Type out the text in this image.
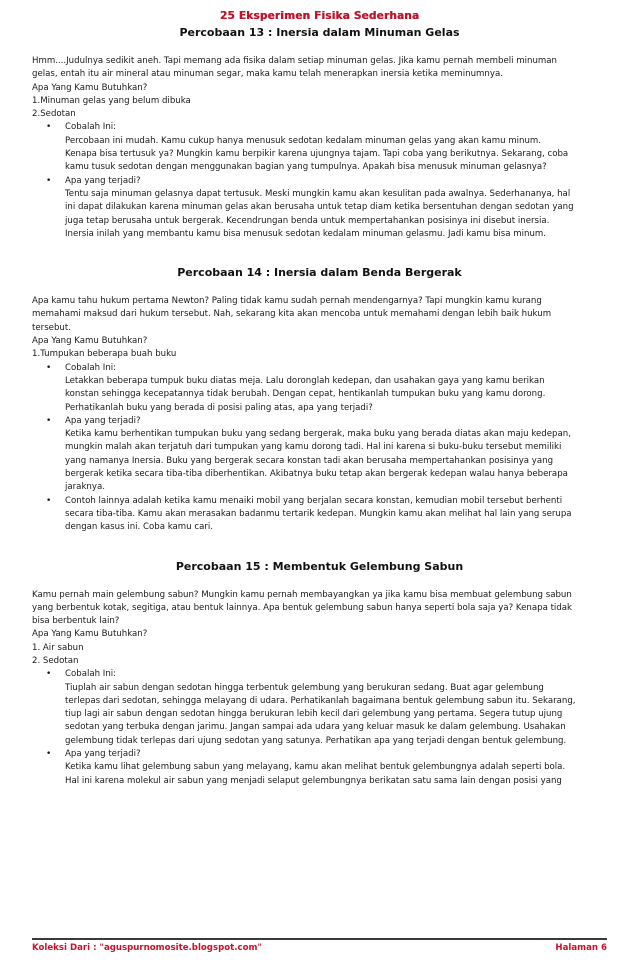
25 Eksperimen Fisika Sederhana
Percobaan 13 : Inersia dalam Minuman Gelas

Hmm....Judulnya sedikit aneh. Tapi memang ada fisika dalam setiap minuman gelas. Jika kamu pernah membeli minuman

gelas, entah itu air mineral atau minuman segar, maka kamu telah menerapkan inersia ketika meminumnya.

Apa Yang Kamu Butuhkan?

1.Minuman gelas yang belum dibuka

2.Sedotan

• Cobalah Ini:
Percobaan ini mudah. Kamu cukup hanya menusuk sedotan kedalam minuman gelas yang akan kamu minum.
Kenapa bisa tertusuk ya? Mungkin kamu berpikir karena ujungnya tajam. Tapi coba yang berikutnya. Sekarang, coba
kamu tusuk sedotan dengan menggunakan bagian yang tumpulnya. Apakah bisa menusuk minuman gelasnya?
• Apa yang terjadi?
Tentu saja minuman gelasnya dapat tertusuk. Meski mungkin kamu akan kesulitan pada awalnya. Sederhananya, hal
ini dapat dilakukan karena minuman gelas akan berusaha untuk tetap diam ketika bersentuhan dengan sedotan yang
juga tetap berusaha untuk bergerak. Kecendrungan benda untuk mempertahankan posisinya ini disebut inersia.
Inersia inilah yang membantu kamu bisa menusuk sedotan kedalam minuman gelasmu. Jadi kamu bisa minum.
Percobaan 14 : Inersia dalam Benda Bergerak

Apa kamu tahu hukum pertama Newton? Paling tidak kamu sudah pernah mendengarnya? Tapi mungkin kamu kurang

memahami maksud dari hukum tersebut. Nah, sekarang kita akan mencoba untuk memahami dengan lebih baik hukum

tersebut.

Apa Yang Kamu Butuhkan?

1.Tumpukan beberapa buah buku

• Cobalah Ini:
Letakkan beberapa tumpuk buku diatas meja. Lalu doronglah kedepan, dan usahakan gaya yang kamu berikan
konstan sehingga kecepatannya tidak berubah. Dengan cepat, hentikanlah tumpukan buku yang kamu dorong.
Perhatikanlah buku yang berada di posisi paling atas, apa yang terjadi?
• Apa yang terjadi?
Ketika kamu berhentikan tumpukan buku yang sedang bergerak, maka buku yang berada diatas akan maju kedepan,
mungkin malah akan terjatuh dari tumpukan yang kamu dorong tadi. Hal ini karena si buku-buku tersebut memiliki
yang namanya Inersia. Buku yang bergerak secara konstan tadi akan berusaha mempertahankan posisinya yang
bergerak ketika secara tiba-tiba diberhentikan. Akibatnya buku tetap akan bergerak kedepan walau hanya beberapa
jaraknya.
• Contoh lainnya adalah ketika kamu menaiki mobil yang berjalan secara konstan, kemudian mobil tersebut berhenti
secara tiba-tiba. Kamu akan merasakan badanmu tertarik kedepan. Mungkin kamu akan melihat hal lain yang serupa
dengan kasus ini. Coba kamu cari.
Percobaan 15 : Membentuk Gelembung Sabun

Kamu pernah main gelembung sabun? Mungkin kamu pernah membayangkan ya jika kamu bisa membuat gelembung sabun

yang berbentuk kotak, segitiga, atau bentuk lainnya. Apa bentuk gelembung sabun hanya seperti bola saja ya? Kenapa tidak

bisa berbentuk lain?

Apa Yang Kamu Butuhkan?

1. Air sabun

2. Sedotan

• Cobalah Ini:
Tiuplah air sabun dengan sedotan hingga terbentuk gelembung yang berukuran sedang. Buat agar gelembung
terlepas dari sedotan, sehingga melayang di udara. Perhatikanlah bagaimana bentuk gelembung sabun itu. Sekarang,
tiup lagi air sabun dengan sedotan hingga berukuran lebih kecil dari gelembung yang pertama. Segera tutup ujung
sedotan yang terbuka dengan jarimu. Jangan sampai ada udara yang keluar masuk ke dalam gelembung. Usahakan
gelembung tidak terlepas dari ujung sedotan yang satunya. Perhatikan apa yang terjadi dengan bentuk gelembung.
• Apa yang terjadi?
Ketika kamu lihat gelembung sabun yang melayang, kamu akan melihat bentuk gelembungnya adalah seperti bola.
Hal ini karena molekul air sabun yang menjadi selaput gelembungnya berikatan satu sama lain dengan posisi yang
Koleksi Dari : "aguspurnomosite.blogspot.com"	Halaman 6
